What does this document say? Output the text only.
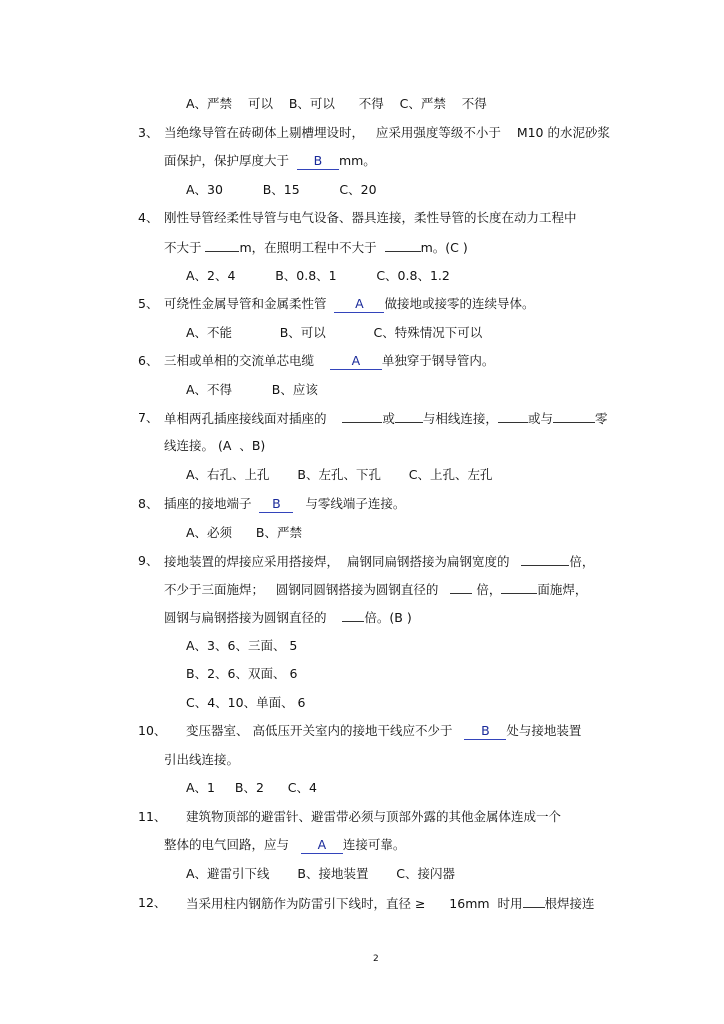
A、严禁    可以    B、可以      不得    C、严禁    不得
3、 当绝缘导管在砖砌体上剔槽埋设时，   应采用强度等级不小于    M10 的水泥砂浆
面保护，保护厚度大于  B mm。
A、30          B、15          C、20
4、 刚性导管经柔性导管与电气设备、器具连接，柔性导管的长度在动力工程中
不大于	m，在照明工程中不大于	m。(C )
A、2、4          B、0.8、1          C、0.8、1.2
5、 可绕性金属导管和金属柔性管  A 做接地或接零的连续导体。
A、不能            B、可以            C、特殊情况下可以
6、 三相或单相的交流单芯电缆    A 单独穿于钢导管内。
A、不得          B、应该
7、 单相两孔插座接线面对插座的	或 与相线连接， 或与	零
线连接。 (A  、B)
A、右孔、上孔       B、左孔、下孔       C、上孔、左孔
8、 插座的接地端子  B   与零线端子连接。
A、必须      B、严禁
9、 接地装置的焊接应采用搭接焊，  扁钢同扁钢搭接为扁钢宽度的	倍，
不少于三面施焊；   圆钢同圆钢搭接为圆钢直径的    倍，	面施焊，
圆钢与扁钢搭接为圆钢直径的    倍。(B )
A、3、6、三面、 5
B、2、6、双面、 6
C、4、10、单面、 6
10、 变压器室、 高低压开关室内的接地干线应不少于   B 处与接地装置
引出线连接。
A、1     B、2      C、4
11、 建筑物顶部的避雷针、避雷带必须与顶部外露的其他金属体连成一个
整体的电气回路，应与   A 连接可靠。
A、避雷引下线       B、接地装置       C、接闪器
12、 当采用柱内钢筋作为防雷引下线时，直径 ≥      16mm  时用 根焊接连
2
